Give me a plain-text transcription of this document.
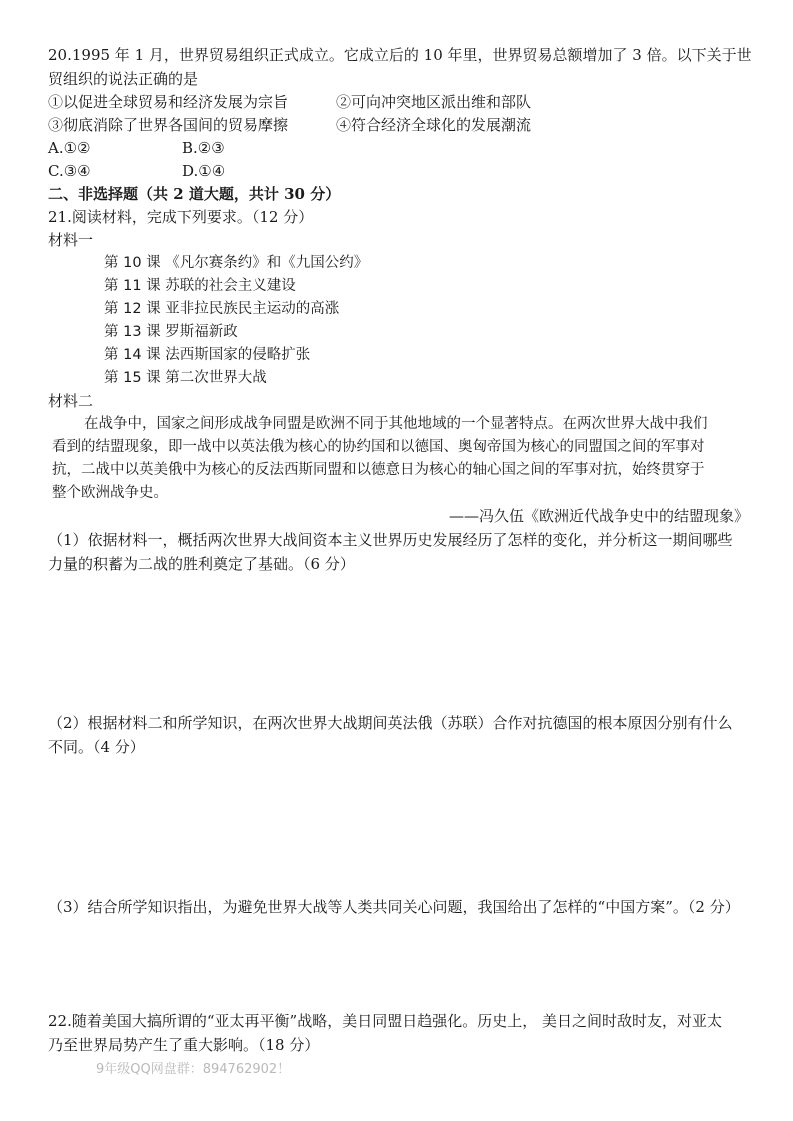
20.1995 年 1 月，世界贸易组织正式成立。它成立后的 10 年里，世界贸易总额增加了 3 倍。以下关于世
贸组织的说法正确的是
①以促进全球贸易和经济发展为宗旨	②可向冲突地区派出维和部队
③彻底消除了世界各国间的贸易摩擦	④符合经济全球化的发展潮流
A.①②	B.②③
C.③④	D.①④
二、非选择题（共 2 道大题，共计 30 分）
21.阅读材料，完成下列要求。（12 分）
材料一
第 10 课 《凡尔赛条约》和《九国公约》
第 11 课 苏联的社会主义建设
第 12 课 亚非拉民族民主运动的高涨
第 13 课 罗斯福新政
第 14 课 法西斯国家的侵略扩张
第 15 课 第二次世界大战
材料二
在战争中，国家之间形成战争同盟是欧洲不同于其他地域的一个显著特点。在两次世界大战中我们
看到的结盟现象，即一战中以英法俄为核心的协约国和以德国、奥匈帝国为核心的同盟国之间的军事对
抗，二战中以英美俄中为核心的反法西斯同盟和以德意日为核心的轴心国之间的军事对抗，始终贯穿于
整个欧洲战争史。
——冯久伍《欧洲近代战争史中的结盟现象》
（1）依据材料一，概括两次世界大战间资本主义世界历史发展经历了怎样的变化，并分析这一期间哪些
力量的积蓄为二战的胜利奠定了基础。（6 分）
（2）根据材料二和所学知识，在两次世界大战期间英法俄（苏联）合作对抗德国的根本原因分别有什么
不同。（4 分）
（3）结合所学知识指出，为避免世界大战等人类共同关心问题，我国给出了怎样的“中国方案”。（2 分）
22.随着美国大搞所谓的“亚太再平衡”战略，美日同盟日趋强化。历史上， 美日之间时敌时友，对亚太
乃至世界局势产生了重大影响。（18 分）
9年级QQ网盘群：894762902！
